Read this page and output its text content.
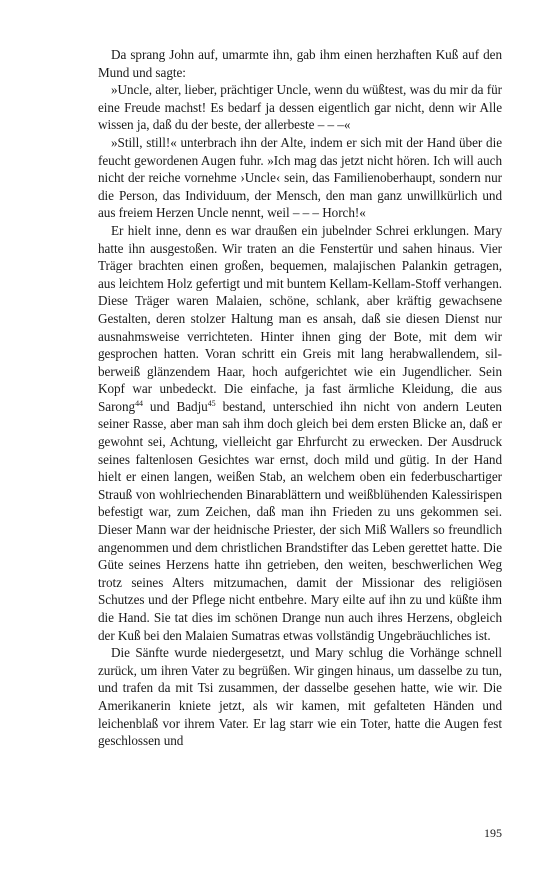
Da sprang John auf, umarmte ihn, gab ihm einen herzhaften Kuß auf den Mund und sagte:

»Uncle, alter, lieber, prächtiger Uncle, wenn du wüßtest, was du mir da für eine Freude machst! Es bedarf ja dessen eigentlich gar nicht, denn wir Alle wissen ja, daß du der beste, der allerbeste – – –«

»Still, still!« unterbrach ihn der Alte, indem er sich mit der Hand über die feucht gewordenen Augen fuhr. »Ich mag das jetzt nicht hören. Ich will auch nicht der reiche vornehme ›Uncle‹ sein, das Familienoberhaupt, sondern nur die Person, das Individuum, der Mensch, den man ganz unwillkürlich und aus freiem Herzen Uncle nennt, weil – – – Horch!«

Er hielt inne, denn es war draußen ein jubelnder Schrei erklungen. Mary hatte ihn ausgestoßen. Wir traten an die Fenstertür und sahen hinaus. Vier Träger brachten einen großen, bequemen, malajischen Palankin getragen, aus leichtem Holz gefertigt und mit buntem Kellam-Kellam-Stoff verhangen. Diese Träger waren Malaien, schöne, schlank, aber kräftig gewachsene Gestalten, deren stolzer Haltung man es ansah, daß sie diesen Dienst nur ausnahmsweise verrichteten. Hinter ihnen ging der Bote, mit dem wir gesprochen hatten. Voran schritt ein Greis mit lang herabwallendem, silberweiß glänzendem Haar, hoch aufgerichtet wie ein Jugendlicher. Sein Kopf war unbedeckt. Die einfache, ja fast ärmliche Kleidung, die aus Sarong$^{44}$ und Badju$^{45}$ bestand, unterschied ihn nicht von andern Leuten seiner Rasse, aber man sah ihm doch gleich bei dem ersten Blicke an, daß er gewohnt sei, Achtung, vielleicht gar Ehrfurcht zu erwecken. Der Ausdruck seines faltenlosen Gesichtes war ernst, doch mild und gütig. In der Hand hielt er einen langen, weißen Stab, an welchem oben ein federbuschartiger Strauß von wohlriechenden Binarablättern und weißblühenden Kalessirispen befestigt war, zum Zeichen, daß man ihn Frieden zu uns gekommen sei. Dieser Mann war der heidnische Priester, der sich Miß Wallers so freundlich angenommen und dem christlichen Brandstifter das Leben gerettet hatte. Die Güte seines Herzens hatte ihn getrieben, den weiten, beschwerlichen Weg trotz seines Alters mitzumachen, damit der Missionar des religiösen Schutzes und der Pflege nicht entbehre. Mary eilte auf ihn zu und küßte ihm die Hand. Sie tat dies im schönen Drange nun auch ihres Herzens, obgleich der Kuß bei den Malaien Sumatras etwas vollständig Ungebräuchliches ist.

Die Sänfte wurde niedergesetzt, und Mary schlug die Vorhänge schnell zurück, um ihren Vater zu begrüßen. Wir gingen hinaus, um dasselbe zu tun, und trafen da mit Tsi zusammen, der dasselbe gesehen hatte, wie wir. Die Amerikanerin kniete jetzt, als wir kamen, mit gefalteten Händen und leichenblaß vor ihrem Vater. Er lag starr wie ein Toter, hatte die Augen fest geschlossen und

195
